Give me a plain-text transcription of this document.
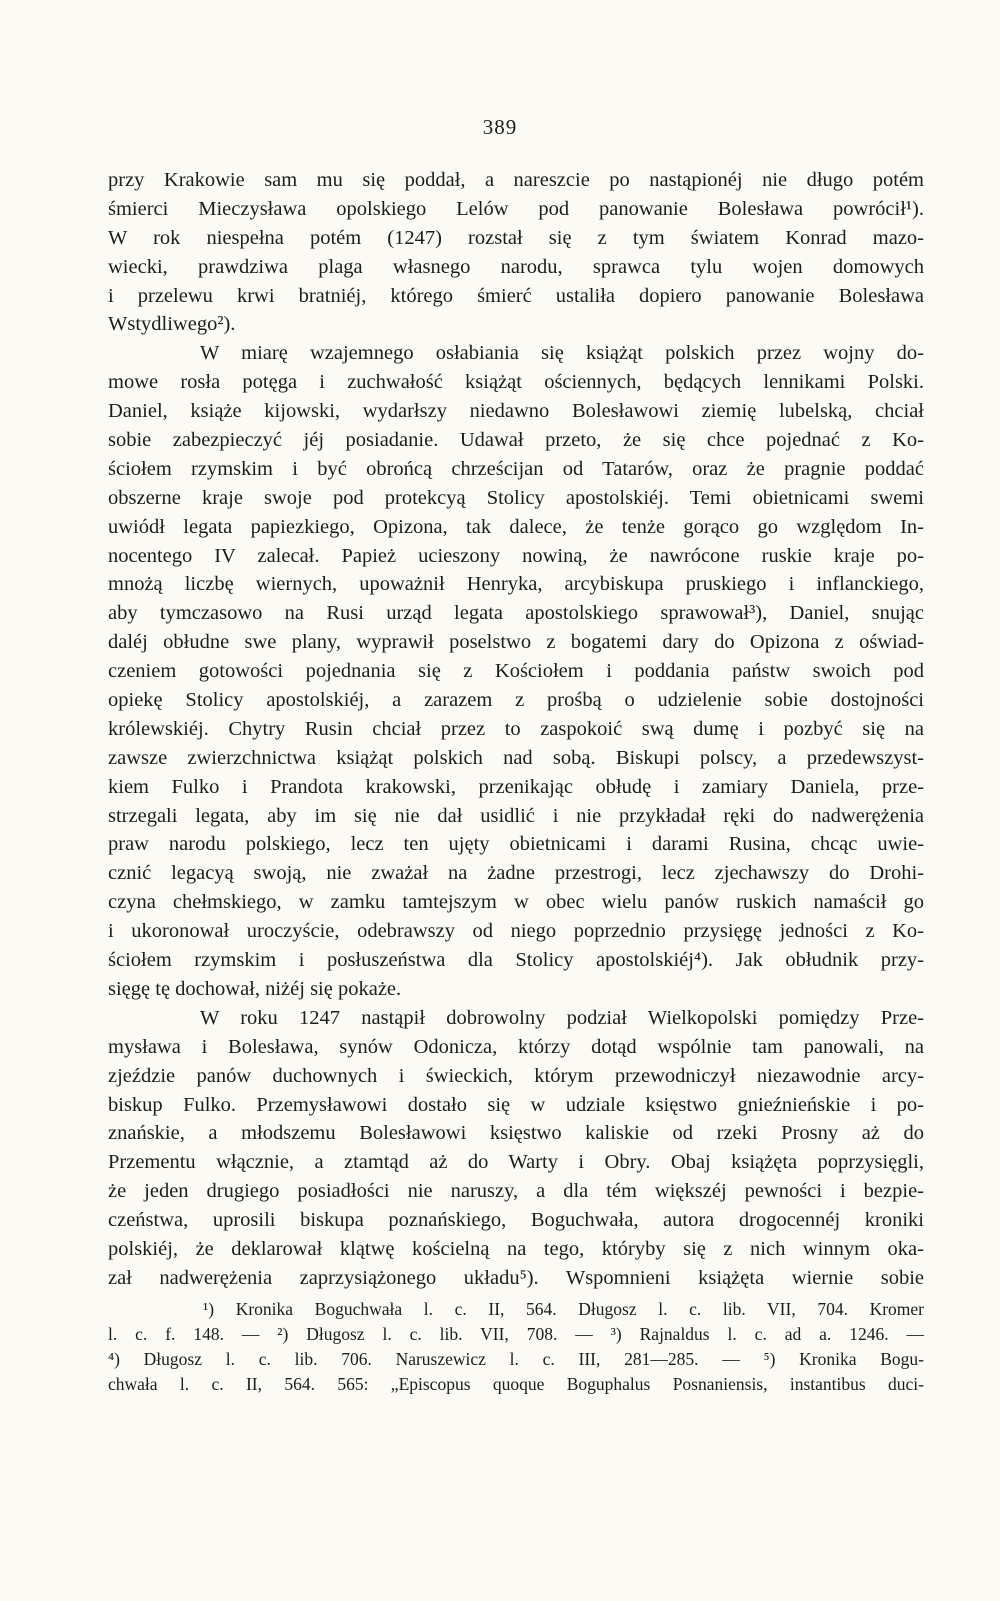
389
przy Krakowie sam mu się poddał, a nareszcie po nastąpionéj nie długo potém
śmierci Mieczysława opolskiego Lelów pod panowanie Bolesława powrócił¹).
W rok niespełna potém (1247) rozstał się z tym światem Konrad mazo-
wiecki, prawdziwa plaga własnego narodu, sprawca tylu wojen domowych
i przelewu krwi bratniéj, którego śmierć ustaliła dopiero panowanie Bolesława
Wstydliwego²).
W miarę wzajemnego osłabiania się książąt polskich przez wojny do-
mowe rosła potęga i zuchwałość książąt ościennych, będących lennikami Polski.
Daniel, książe kijowski, wydarłszy niedawno Bolesławowi ziemię lubelską, chciał
sobie zabezpieczyć jéj posiadanie. Udawał przeto, że się chce pojednać z Ko-
ściołem rzymskim i być obrońcą chrześcijan od Tatarów, oraz że pragnie poddać
obszerne kraje swoje pod protekcyą Stolicy apostolskiéj. Temi obietnicami swemi
uwiódł legata papiezkiego, Opizona, tak dalece, że tenże gorąco go względom In-
nocentego IV zalecał. Papież ucieszony nowiną, że nawrócone ruskie kraje po-
mnożą liczbę wiernych, upoważnił Henryka, arcybiskupa pruskiego i inflanckiego,
aby tymczasowo na Rusi urząd legata apostolskiego sprawował³), Daniel, snując
daléj obłudne swe plany, wyprawił poselstwo z bogatemi dary do Opizona z oświad-
czeniem gotowości pojednania się z Kościołem i poddania państw swoich pod
opiekę Stolicy apostolskiéj, a zarazem z prośbą o udzielenie sobie dostojności
królewskiéj. Chytry Rusin chciał przez to zaspokoić swą dumę i pozbyć się na
zawsze zwierzchnictwa książąt polskich nad sobą. Biskupi polscy, a przedewszyst-
kiem Fulko i Prandota krakowski, przenikając obłudę i zamiary Daniela, prze-
strzegali legata, aby im się nie dał usidlić i nie przykładał ręki do nadwerężenia
praw narodu polskiego, lecz ten ujęty obietnicami i darami Rusina, chcąc uwie-
cznić legacyą swoją, nie zważał na żadne przestrogi, lecz zjechawszy do Drohi-
czyna chełmskiego, w zamku tamtejszym w obec wielu panów ruskich namaścił go
i ukoronował uroczyście, odebrawszy od niego poprzednio przysięgę jedności z Ko-
ściołem rzymskim i posłuszeństwa dla Stolicy apostolskiéj⁴). Jak obłudnik przy-
sięgę tę dochował, niżéj się pokaże.
W roku 1247 nastąpił dobrowolny podział Wielkopolski pomiędzy Prze-
mysława i Bolesława, synów Odonicza, którzy dotąd wspólnie tam panowali, na
zjeździe panów duchownych i świeckich, którym przewodniczył niezawodnie arcy-
biskup Fulko. Przemysławowi dostało się w udziale księstwo gnieźnieńskie i po-
znańskie, a młodszemu Bolesławowi księstwo kaliskie od rzeki Prosny aż do
Przementu włącznie, a ztamtąd aż do Warty i Obry. Obaj książęta poprzysięgli,
że jeden drugiego posiadłości nie naruszy, a dla tém większéj pewności i bezpie-
czeństwa, uprosili biskupa poznańskiego, Boguchwała, autora drogocennéj kroniki
polskiéj, że deklarował klątwę kościelną na tego, któryby się z nich winnym oka-
zał nadwerężenia zaprzysiążonego układu⁵). Wspomnieni książęta wiernie sobie
¹) Kronika Boguchwała l. c. II, 564. Długosz l. c. lib. VII, 704. Kromer
l. c. f. 148. — ²) Długosz l. c. lib. VII, 708. — ³) Rajnaldus l. c. ad a. 1246. —
⁴) Długosz l. c. lib. 706. Naruszewicz l. c. III, 281—285. — ⁵) Kronika Bogu-
chwała l. c. II, 564. 565: „Episcopus quoque Boguphalus Posnaniensis, instantibus duci-
